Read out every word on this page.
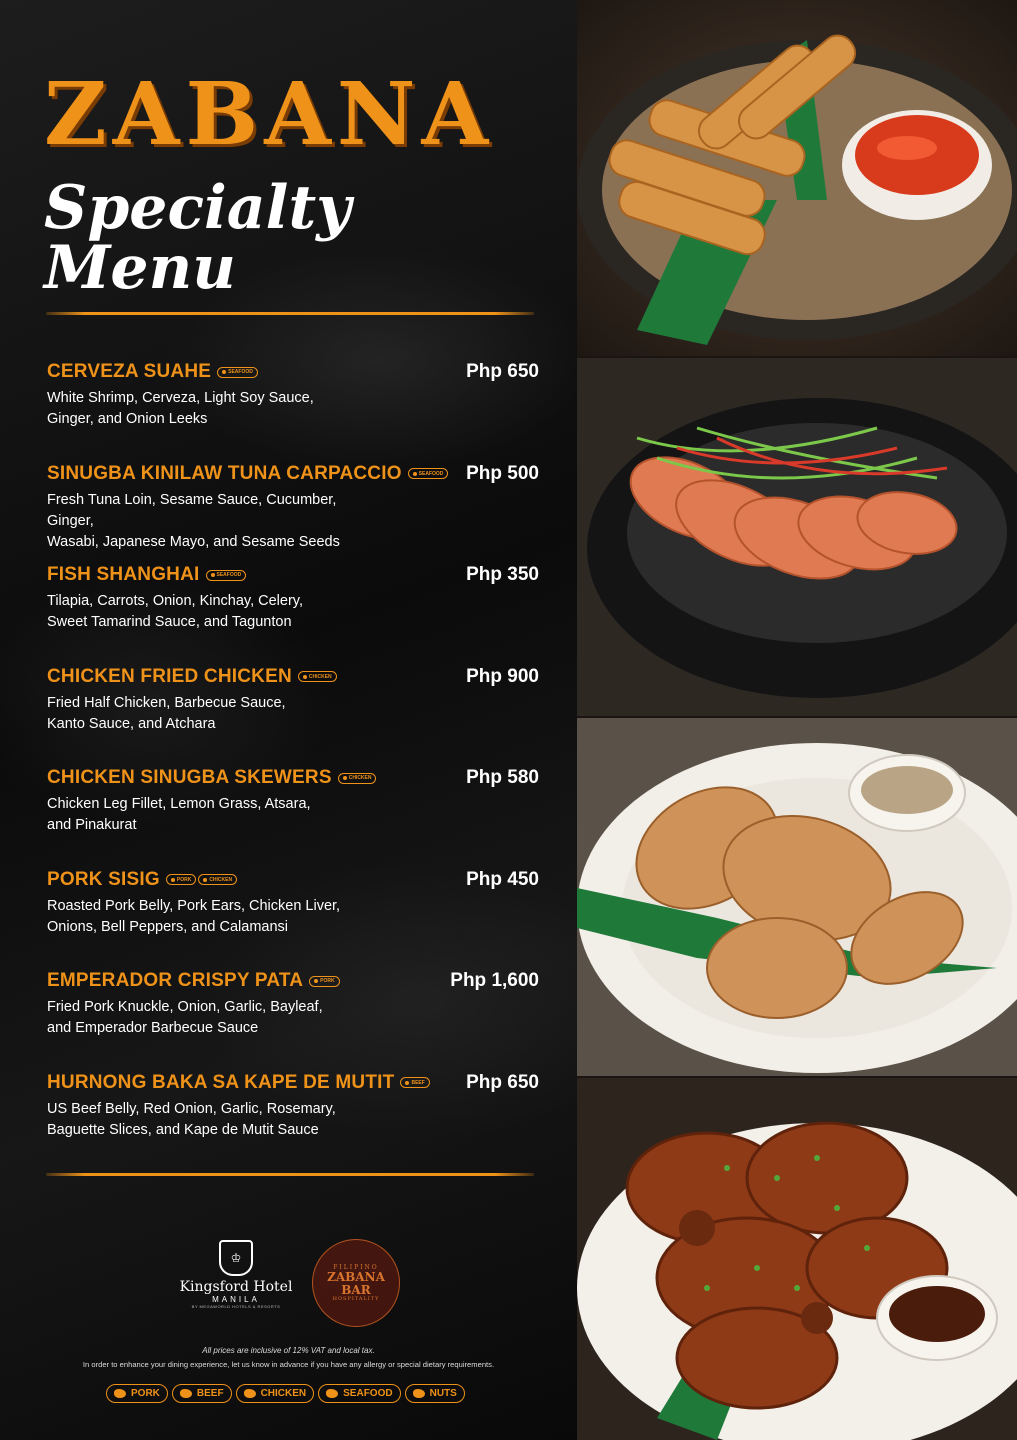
ZABANA
Specialty Menu
CERVEZA SUAHE	SEAFOOD	Php 650
White Shrimp, Cerveza, Light Soy Sauce,
Ginger, and Onion Leeks
SINUGBA KINILAW TUNA CARPACCIO	SEAFOOD Php 500
Fresh Tuna Loin, Sesame Sauce, Cucumber, Ginger,
Wasabi, Japanese Mayo, and Sesame Seeds
FISH SHANGHAI	SEAFOOD	Php 350
Tilapia, Carrots, Onion, Kinchay, Celery,
Sweet Tamarind Sauce, and Tagunton
CHICKEN FRIED CHICKEN	CHICKEN	Php 900
Fried Half Chicken, Barbecue Sauce,
Kanto Sauce, and Atchara
CHICKEN SINUGBA SKEWERS	CHICKEN	Php 580
Chicken Leg Fillet, Lemon Grass, Atsara,
and Pinakurat
PORK SISIG	PORK	CHICKEN	Php 450
Roasted Pork Belly, Pork Ears, Chicken Liver,
Onions, Bell Peppers, and Calamansi
EMPERADOR CRISPY PATA	PORK	Php 1,600
Fried Pork Knuckle, Onion, Garlic, Bayleaf,
and Emperador Barbecue Sauce
HURNONG BAKA SA KAPE DE MUTIT	BEEF Php 650
US Beef Belly, Red Onion, Garlic, Rosemary,
Baguette Slices, and Kape de Mutit Sauce
♔
Kingsford Hotel
MANILA
BY MEGAWORLD HOTELS & RESORTS
FILIPINO
ZABANA
BAR
HOSPITALITY
All prices are inclusive of 12% VAT and local tax.
In order to enhance your dining experience, let us know in advance if you have any allergy or special dietary requirements.
PORK	BEEF	CHICKEN	SEAFOOD	NUTS
